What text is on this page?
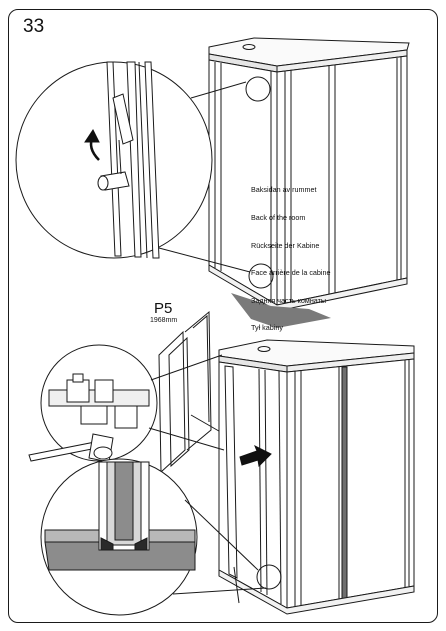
33

Baksidan av rummet

Back of the room

Rückseite der Kabine

Face arrière de la cabine

Задняя часть комнаты

Tył kabiny

P5
1968mm
